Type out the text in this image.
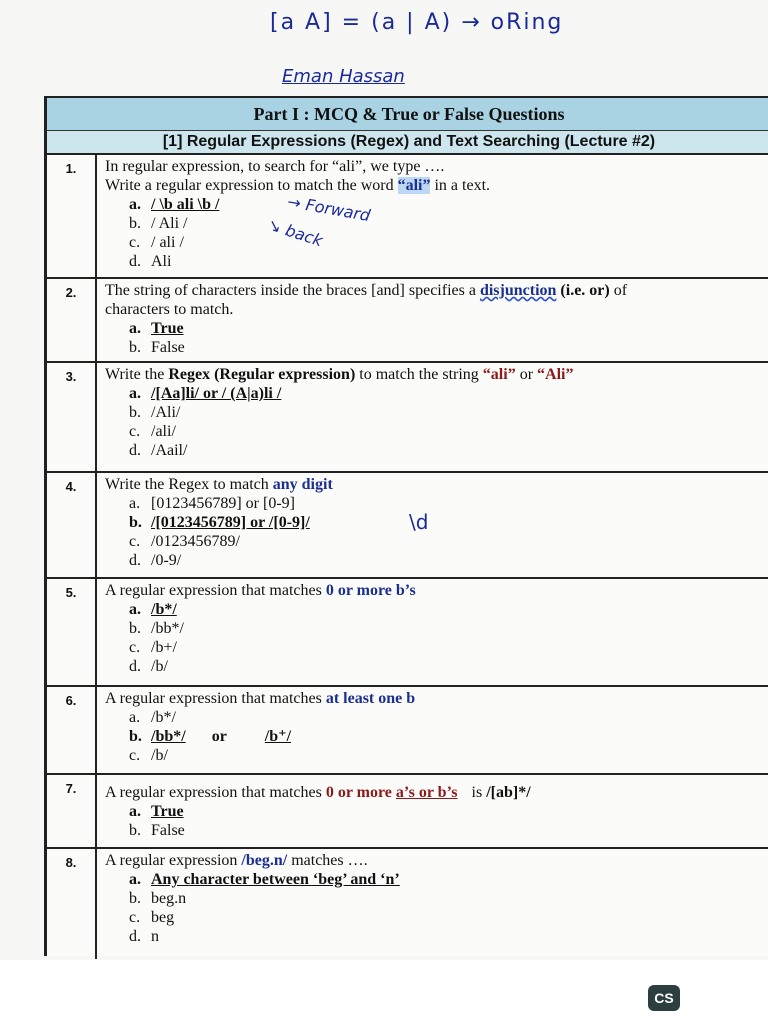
[a A] = (a | A) → oRing
Eman Hassan
Part I : MCQ & True or False Questions
[1] Regular Expressions (Regex) and Text Searching (Lecture #2)
1.	In regular expression, to search for “ali”, we type ….
Write a regular expression to match the word “ali” in a text.
a. / \b ali \b /
b. / Ali /
c. / ali /
d. Ali
→ Forward
↘ back
2.	The string of characters inside the braces [and] specifies a disjunction (i.e. or) of
characters to match.
a. True
b. False
3.	Write the Regex (Regular expression) to match the string “ali” or “Ali”
a. /[Aa]li/ or / (A|a)li /
b. /Ali/
c. /ali/
d. /Aail/
4.	Write the Regex to match any digit
a. [0123456789] or [0-9]
b. /[0123456789] or /[0-9]/
c. /0123456789/
d. /0-9/
\d
5.	A regular expression that matches 0 or more b’s
a. /b*/
b. /bb*/
c. /b+/
d. /b/
6.	A regular expression that matches at least one b
a. /b*/
b. /bb*/ or /b⁺/
c. /b/
7.	A regular expression that matches 0 or more a’s or b’s is /[ab]*/
a. True
b. False
8.	A regular expression /beg.n/ matches ….
a. Any character between ‘beg’ and ‘n’
b. beg.n
c. beg
d. n
CS
